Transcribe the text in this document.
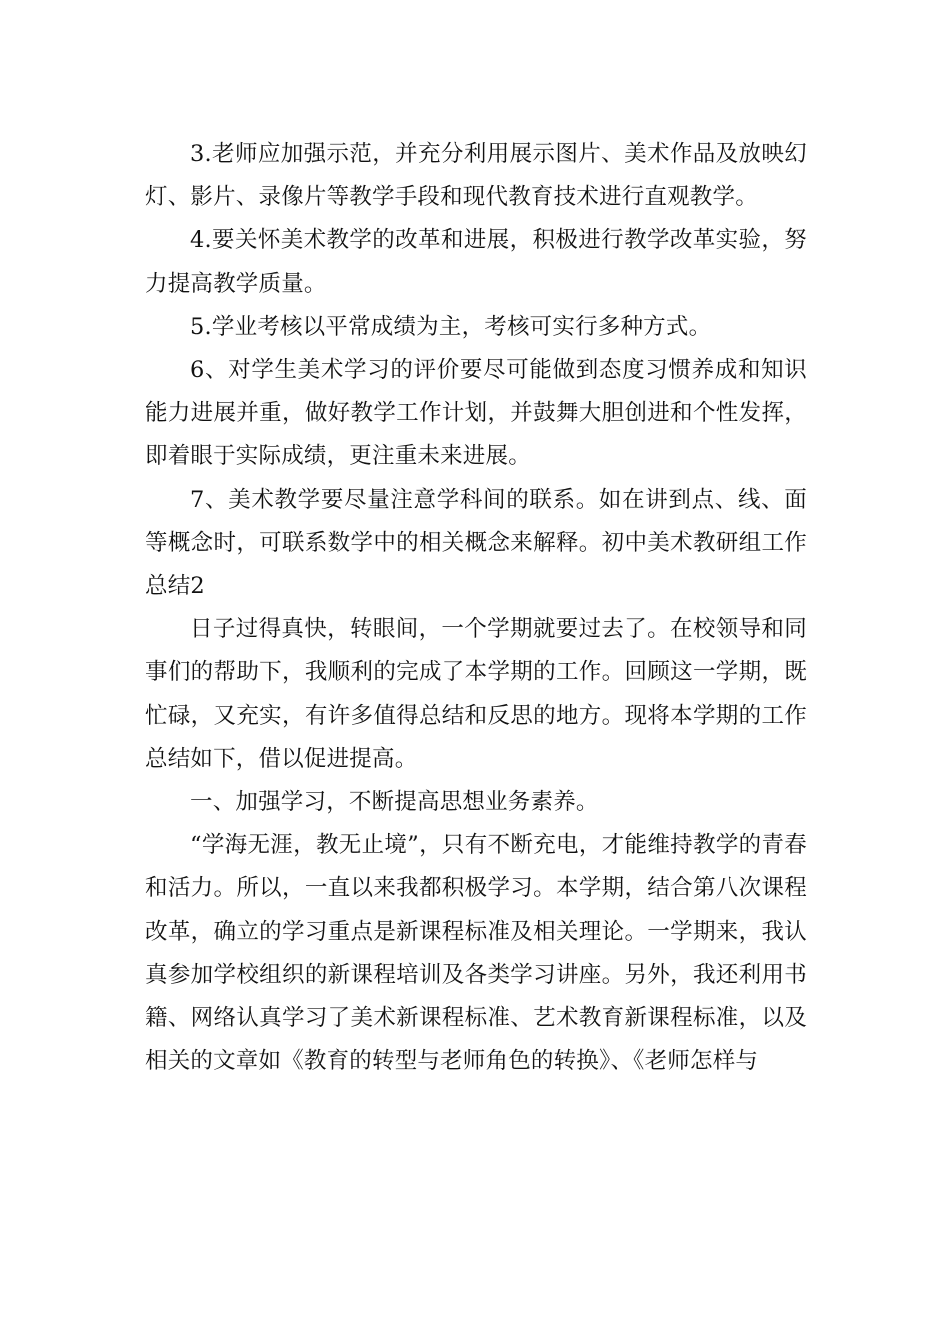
3.老师应加强示范，并充分利用展示图片、美术作品及放映幻灯、影片、录像片等教学手段和现代教育技术进行直观教学。

4.要关怀美术教学的改革和进展，积极进行教学改革实验，努力提高教学质量。

5.学业考核以平常成绩为主，考核可实行多种方式。

6、对学生美术学习的评价要尽可能做到态度习惯养成和知识能力进展并重，做好教学工作计划，并鼓舞大胆创进和个性发挥，即着眼于实际成绩，更注重未来进展。

7、美术教学要尽量注意学科间的联系。如在讲到点、线、面等概念时，可联系数学中的相关概念来解释。初中美术教研组工作总结2

日子过得真快，转眼间，一个学期就要过去了。在校领导和同事们的帮助下，我顺利的完成了本学期的工作。回顾这一学期，既忙碌，又充实，有许多值得总结和反思的地方。现将本学期的工作总结如下，借以促进提高。

一、加强学习，不断提高思想业务素养。

“学海无涯，教无止境”，只有不断充电，才能维持教学的青春和活力。所以，一直以来我都积极学习。本学期，结合第八次课程改革，确立的学习重点是新课程标准及相关理论。一学期来，我认真参加学校组织的新课程培训及各类学习讲座。另外，我还利用书籍、网络认真学习了美术新课程标准、艺术教育新课程标准，以及相关的文章如《教育的转型与老师角色的转换》、《老师怎样与
